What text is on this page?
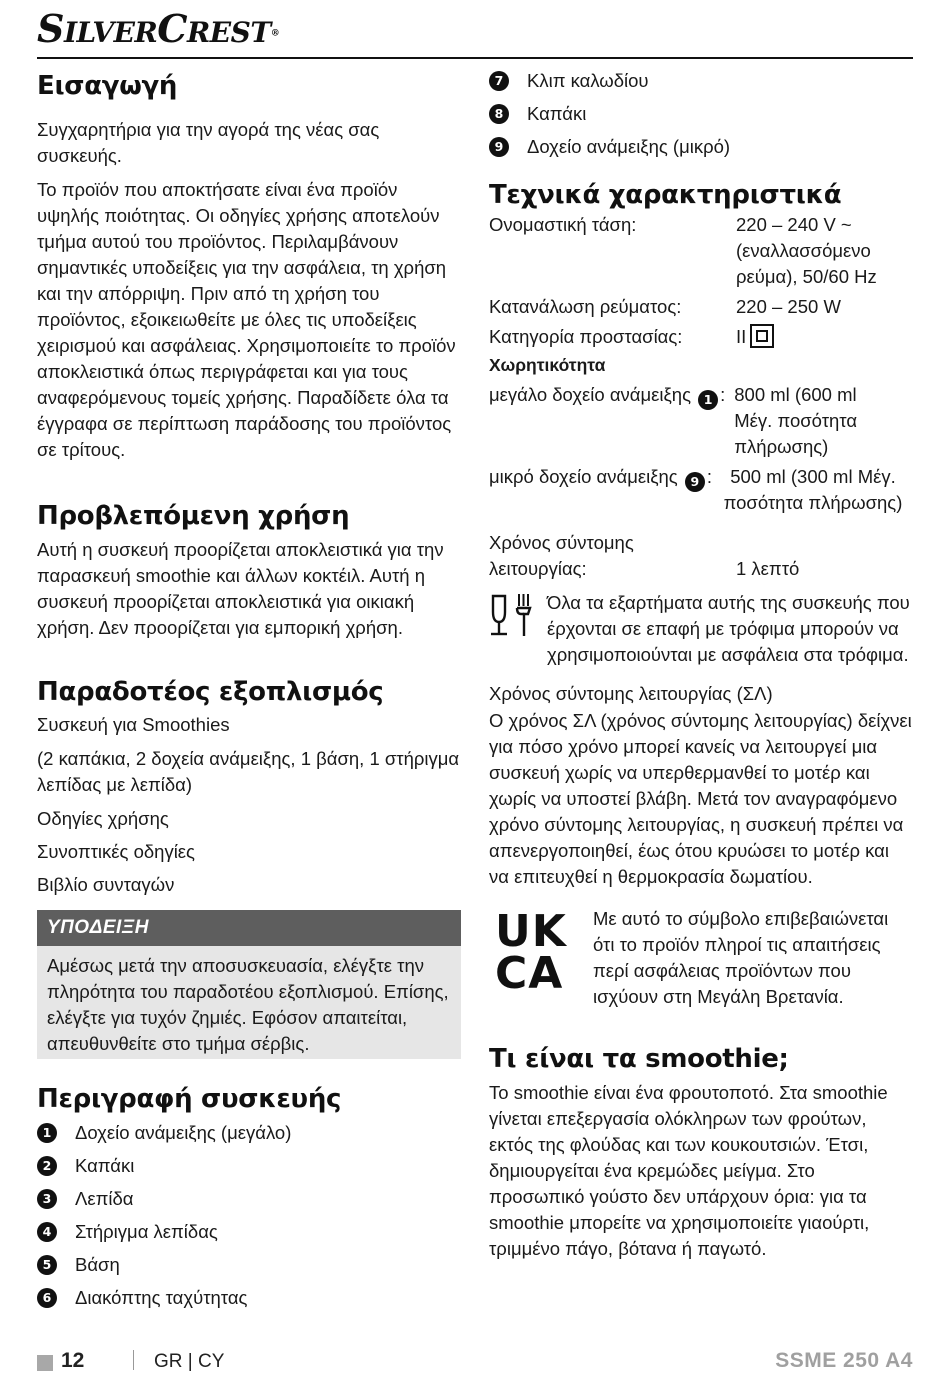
SILVERCREST®
Εισαγωγή

Συγχαρητήρια για την αγορά της νέας σας συσκευής.

Το προϊόν που αποκτήσατε είναι ένα προϊόν υψηλής ποιότητας. Οι οδηγίες χρήσης αποτελούν τμήμα αυτού του προϊόντος. Περιλαμβάνουν σημαντικές υποδείξεις για την ασφάλεια, τη χρήση και την απόρριψη. Πριν από τη χρήση του προϊόντος, εξοικειωθείτε με όλες τις υποδείξεις χειρισμού και ασφάλειας. Χρησιμοποιείτε το προϊόν αποκλειστικά όπως περιγράφεται και για τους αναφερόμενους τομείς χρήσης. Παραδίδετε όλα τα έγγραφα σε περίπτωση παράδοσης του προϊόντος σε τρίτους.

Προβλεπόμενη χρήση

Αυτή η συσκευή προορίζεται αποκλειστικά για την παρασκευή smoothie και άλλων κοκτέιλ. Αυτή η συσκευή προορίζεται αποκλειστικά για οικιακή χρήση. Δεν προορίζεται για εμπορική χρήση.

Παραδοτέος εξοπλισμός

Συσκευή για Smoothies

(2 καπάκια, 2 δοχεία ανάμειξης, 1 βάση, 1 στήριγμα λεπίδας με λεπίδα)

Οδηγίες χρήσης

Συνοπτικές οδηγίες

Βιβλίο συνταγών

ΥΠΟΔΕΙΞΗ
Αμέσως μετά την αποσυσκευασία, ελέγξτε την πληρότητα του παραδοτέου εξοπλισμού. Επίσης, ελέγξτε για τυχόν ζημιές. Εφόσον απαιτείται, απευθυνθείτε στο τμήμα σέρβις.
Περιγραφή συσκευής
1	Δοχείο ανάμειξης (μεγάλο)
2	Καπάκι
3	Λεπίδα
4	Στήριγμα λεπίδας
5	Βάση
6	Διακόπτης ταχύτητας
7	Κλιπ καλωδίου
8	Καπάκι
9	Δοχείο ανάμειξης (μικρό)
Τεχνικά χαρακτηριστικά
Ονομαστική τάση:	220 – 240 V ~ (εναλλασσόμενο ρεύμα), 50/60 Hz
Κατανάλωση ρεύματος:	220 – 250 W
Κατηγορία προστασίας:	II
Χωρητικότητα
μεγάλο δοχείο ανάμειξης 1 : 800 ml (600 ml Μέγ. ποσότητα πλήρωσης)
μικρό δοχείο ανάμειξης 9 : 500 ml (300 ml Μέγ. ποσότητα πλήρωσης)
Χρόνος σύντομης λειτουργίας:	1 λεπτό

Όλα τα εξαρτήματα αυτής της συσκευής που έρχονται σε επαφή με τρόφιμα μπορούν να χρησιμοποιούνται με ασφάλεια στα τρόφιμα.

Χρόνος σύντομης λειτουργίας (ΣΛ)

Ο χρόνος ΣΛ (χρόνος σύντομης λειτουργίας) δείχνει για πόσο χρόνο μπορεί κανείς να λειτουργεί μια συσκευή χωρίς να υπερθερμανθεί το μοτέρ και χωρίς να υποστεί βλάβη. Μετά τον αναγραφόμενο χρόνο σύντομης λειτουργίας, η συσκευή πρέπει να απενεργοποιηθεί, έως ότου κρυώσει το μοτέρ και να επιτευχθεί η θερμοκρασία δωματίου.

UK CA

Με αυτό το σύμβολο επιβεβαιώνεται ότι το προϊόν πληροί τις απαιτήσεις περί ασφάλειας προϊόντων που ισχύουν στη Μεγάλη Βρετανία.

Τι είναι τα smoothie;

Το smoothie είναι ένα φρουτοποτό. Στα smoothie γίνεται επεξεργασία ολόκληρων των φρούτων, εκτός της φλούδας και των κουκουτσιών. Έτσι, δημιουργείται ένα κρεμώδες μείγμα. Στο προσωπικό γούστο δεν υπάρχουν όρια: για τα smoothie μπορείτε να χρησιμοποιείτε γιαούρτι, τριμμένο πάγο, βότανα ή παγωτό.

12	GR | CY	SSME 250 A4
